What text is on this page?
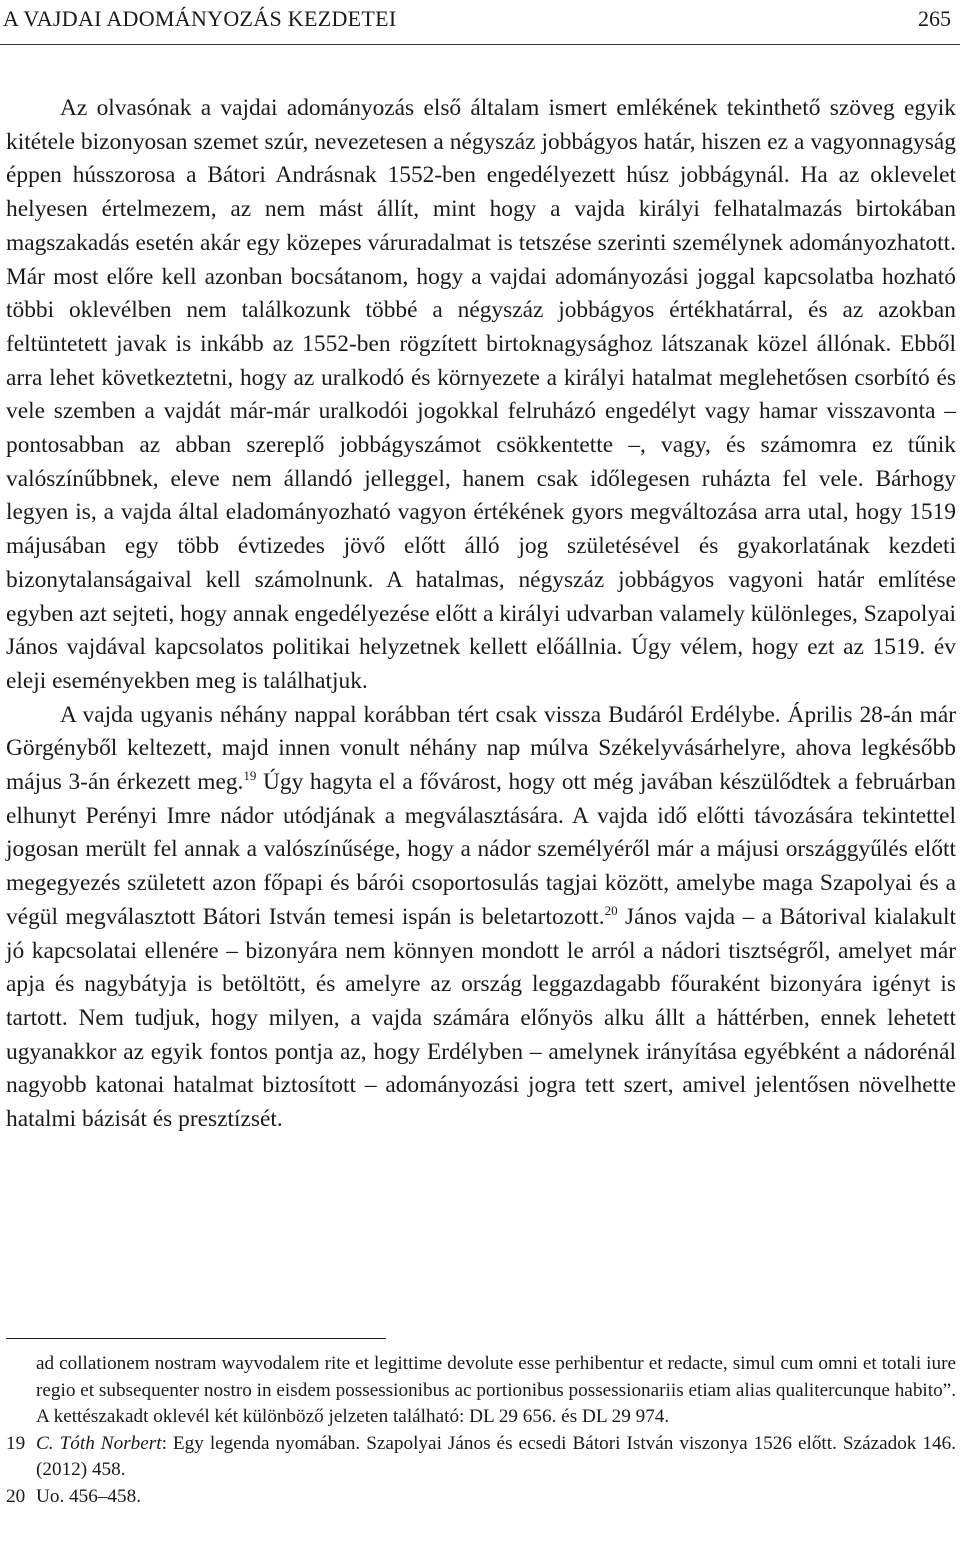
A VAJDAI ADOMÁNYOZÁS KEZDETEI	265

Az olvasónak a vajdai adományozás első általam ismert emlékének tekinthető szöveg egyik kitétele bizonyosan szemet szúr, nevezetesen a négyszáz jobbágyos határ, hiszen ez a vagyonnagyság éppen hússzorosa a Bátori Andrásnak 1552-ben engedélyezett húsz jobbágynál. Ha az oklevelet helyesen értelmezem, az nem mást állít, mint hogy a vajda királyi felhatalmazás birtokában magszakadás esetén akár egy közepes váruradalmat is tetszése szerinti személynek adományozhatott. Már most előre kell azonban bocsátanom, hogy a vajdai adományozási joggal kapcsolatba hozható többi oklevélben nem találkozunk többé a négyszáz jobbágyos értékhatárral, és az azokban feltüntetett javak is inkább az 1552-ben rögzített birtoknagysághoz látszanak közel állónak. Ebből arra lehet következtetni, hogy az uralkodó és környezete a királyi hatalmat meglehetősen csorbító és vele szemben a vajdát már-már uralkodói jogokkal felruházó engedélyt vagy hamar visszavonta – pontosabban az abban szereplő jobbágyszámot csökkentette –, vagy, és számomra ez tűnik valószínűbbnek, eleve nem állandó jelleggel, hanem csak időlegesen ruházta fel vele. Bárhogy legyen is, a vajda által eladományozható vagyon értékének gyors megváltozása arra utal, hogy 1519 májusában egy több évtizedes jövő előtt álló jog születésével és gyakorlatának kezdeti bizonytalanságaival kell számolnunk. A hatalmas, négyszáz jobbágyos vagyoni határ említése egyben azt sejteti, hogy annak engedélyezése előtt a királyi udvarban valamely különleges, Szapolyai János vajdával kapcsolatos politikai helyzetnek kellett előállnia. Úgy vélem, hogy ezt az 1519. év eleji eseményekben meg is találhatjuk.

A vajda ugyanis néhány nappal korábban tért csak vissza Budáról Erdélybe. Április 28-án már Görgényből keltezett, majd innen vonult néhány nap múlva Székelyvásárhelyre, ahova legkésőbb május 3-án érkezett meg.$^{19}$ Úgy hagyta el a fővárost, hogy ott még javában készülődtek a februárban elhunyt Perényi Imre nádor utódjának a megválasztására. A vajda idő előtti távozására tekintettel jogosan merült fel annak a valószínűsége, hogy a nádor személyéről már a májusi országgyűlés előtt megegyezés született azon főpapi és bárói csoportosulás tagjai között, amelybe maga Szapolyai és a végül megválasztott Bátori István temesi ispán is beletartozott.$^{20}$ János vajda – a Bátorival kialakult jó kapcsolatai ellenére – bizonyára nem könnyen mondott le arról a nádori tisztségről, amelyet már apja és nagybátyja is betöltött, és amelyre az ország leggazdagabb főuraként bizonyára igényt is tartott. Nem tudjuk, hogy milyen, a vajda számára előnyös alku állt a háttérben, ennek lehetett ugyanakkor az egyik fontos pontja az, hogy Erdélyben – amelynek irányítása egyébként a nádorénál nagyobb katonai hatalmat biztosított – adományozási jogra tett szert, amivel jelentősen növelhette hatalmi bázisát és presztízsét.

ad collationem nostram wayvodalem rite et legittime devolute esse perhibentur et redacte, simul cum omni et totali iure regio et subsequenter nostro in eisdem possessionibus ac portionibus possessionariis etiam alias qualitercunque habito”. A kettészakadt oklevél két különböző jelzeten található: DL 29 656. és DL 29 974.
19 C. Tóth Norbert: Egy legenda nyomában. Szapolyai János és ecsedi Bátori István viszonya 1526 előtt. Századok 146. (2012) 458.
20 Uo. 456–458.
